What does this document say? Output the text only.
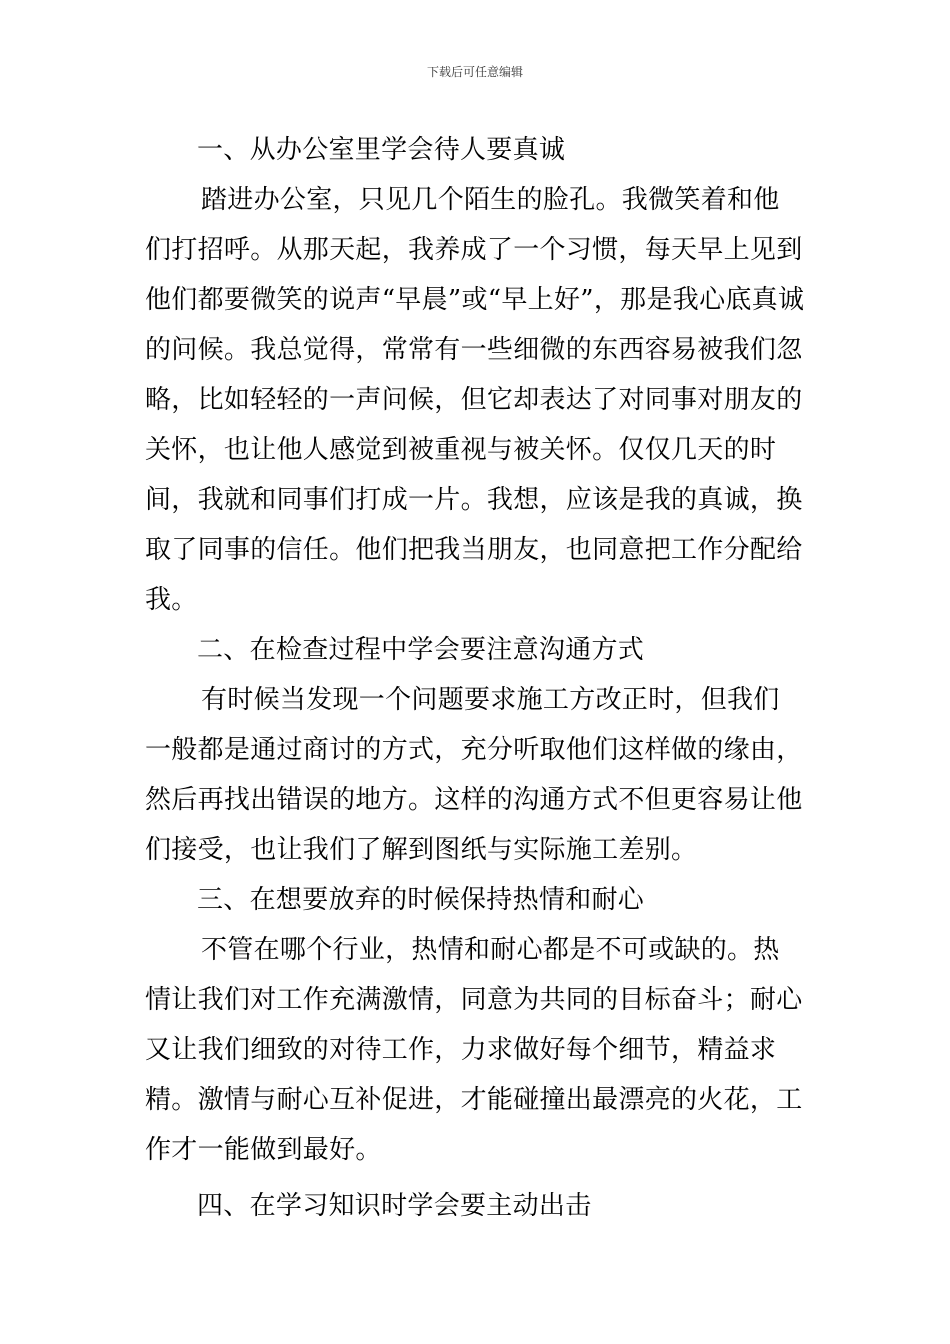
下载后可任意编辑

一、从办公室里学会待人要真诚

踏进办公室，只见几个陌生的脸孔。我微笑着和他们打招呼。从那天起，我养成了一个习惯，每天早上见到他们都要微笑的说声“早晨”或“早上好”，那是我心底真诚的问候。我总觉得，常常有一些细微的东西容易被我们忽略，比如轻轻的一声问候，但它却表达了对同事对朋友的关怀，也让他人感觉到被重视与被关怀。仅仅几天的时间，我就和同事们打成一片。我想，应该是我的真诚，换取了同事的信任。他们把我当朋友，也同意把工作分配给我。

二、在检查过程中学会要注意沟通方式

有时候当发现一个问题要求施工方改正时，但我们一般都是通过商讨的方式，充分听取他们这样做的缘由，然后再找出错误的地方。这样的沟通方式不但更容易让他们接受，也让我们了解到图纸与实际施工差别。

三、在想要放弃的时候保持热情和耐心

不管在哪个行业，热情和耐心都是不可或缺的。热情让我们对工作充满激情，同意为共同的目标奋斗；耐心又让我们细致的对待工作，力求做好每个细节，精益求精。激情与耐心互补促进，才能碰撞出最漂亮的火花，工作才一能做到最好。

四、在学习知识时学会要主动出击
